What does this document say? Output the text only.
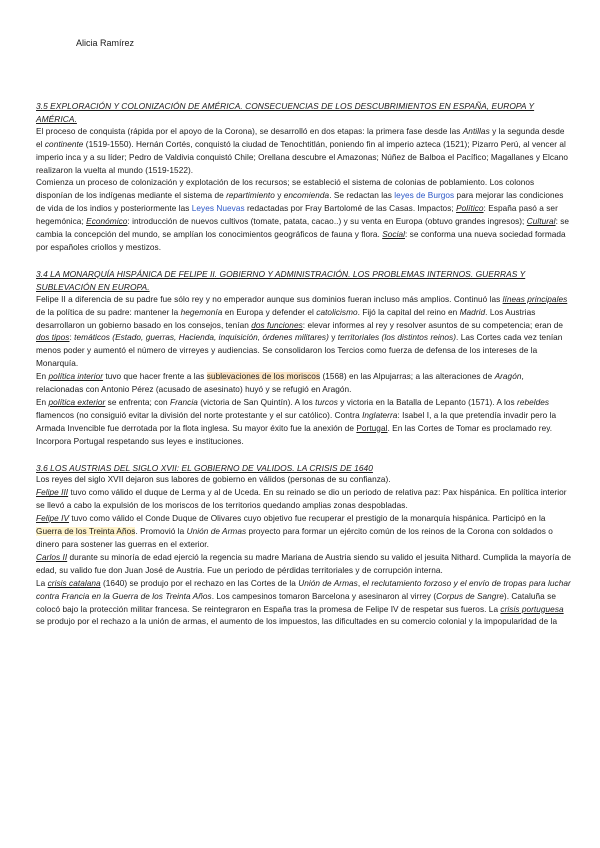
Alicia Ramírez

3.5 EXPLORACIÓN Y COLONIZACIÓN DE AMÉRICA. CONSECUENCIAS DE LOS DESCUBRIMIENTOS EN ESPAÑA, EUROPA Y AMÉRICA.

El proceso de conquista (rápida por el apoyo de la Corona), se desarrolló en dos etapas: la primera fase desde las Antillas y la segunda desde el continente (1519-1550). Hernán Cortés, conquistó la ciudad de Tenochtitlán, poniendo fin al imperio azteca (1521); Pizarro Perú, al vencer al imperio inca y a su líder; Pedro de Valdivia conquistó Chile; Orellana descubre el Amazonas; Núñez de Balboa el Pacífico; Magallanes y Elcano realizaron la vuelta al mundo (1519-1522).

Comienza un proceso de colonización y explotación de los recursos; se estableció el sistema de colonias de poblamiento. Los colonos disponían de los indígenas mediante el sistema de repartimiento y encomienda. Se redactan las leyes de Burgos para mejorar las condiciones de vida de los indios y posteriormente las Leyes Nuevas redactadas por Fray Bartolomé de las Casas. Impactos; Político: España pasó a ser hegemónica; Económico: introducción de nuevos cultivos (tomate, patata, cacao..) y su venta en Europa (obtuvo grandes ingresos); Cultural: se cambia la concepción del mundo, se amplían los conocimientos geográficos de fauna y flora. Social: se conforma una nueva sociedad formada por españoles criollos y mestizos.

3.4 LA MONARQUÍA HISPÁNICA DE FELIPE II. GOBIERNO Y ADMINISTRACIÓN. LOS PROBLEMAS INTERNOS. GUERRAS Y SUBLEVACIÓN EN EUROPA.

Felipe II a diferencia de su padre fue sólo rey y no emperador aunque sus dominios fueran incluso más amplios. Continuó las líneas principales de la política de su padre: mantener la hegemonía en Europa y defender el catolicismo. Fijó la capital del reino en Madrid. Los Austrias desarrollaron un gobierno basado en los consejos, tenían dos funciones: elevar informes al rey y resolver asuntos de su competencia; eran de dos tipos: temáticos (Estado, guerras, Hacienda, inquisición, órdenes militares) y territoriales (los distintos reinos). Las Cortes cada vez tenían menos poder y aumentó el número de virreyes y audiencias. Se consolidaron los Tercios como fuerza de defensa de los intereses de la Monarquía.

En política interior tuvo que hacer frente a las sublevaciones de los moriscos (1568) en las Alpujarras; a las alteraciones de Aragón, relacionadas con Antonio Pérez (acusado de asesinato) huyó y se refugió en Aragón.

En política exterior se enfrenta; con Francia (victoria de San Quintín). A los turcos y victoria en la Batalla de Lepanto (1571). A los rebeldes flamencos (no consiguió evitar la división del norte protestante y el sur católico). Contra Inglaterra: Isabel I, a la que pretendía invadir pero la Armada Invencible fue derrotada por la flota inglesa. Su mayor éxito fue la anexión de Portugal. En las Cortes de Tomar es proclamado rey. Incorpora Portugal respetando sus leyes e instituciones.

3.6 LOS AUSTRIAS DEL SIGLO XVII: EL GOBIERNO DE VALIDOS. LA CRISIS DE 1640

Los reyes del siglo XVII dejaron sus labores de gobierno en válidos (personas de su confianza).

Felipe III tuvo como válido el duque de Lerma y al de Uceda. En su reinado se dio un periodo de relativa paz: Pax hispánica. En política interior se llevó a cabo la expulsión de los moriscos de los territorios quedando amplias zonas despobladas.

Felipe IV tuvo como válido el Conde Duque de Olivares cuyo objetivo fue recuperar el prestigio de la monarquía hispánica. Participó en la Guerra de los Treinta Años. Promovió la Unión de Armas proyecto para formar un ejército común de los reinos de la Corona con soldados o dinero para sostener las guerras en el exterior.

Carlos II durante su minoría de edad ejerció la regencia su madre Mariana de Austria siendo su valido el jesuita Nithard. Cumplida la mayoría de edad, su valido fue don Juan José de Austria. Fue un periodo de pérdidas territoriales y de corrupción interna.

La crisis catalana (1640) se produjo por el rechazo en las Cortes de la Unión de Armas, el reclutamiento forzoso y el envío de tropas para luchar contra Francia en la Guerra de los Treinta Años. Los campesinos tomaron Barcelona y asesinaron al virrey (Corpus de Sangre). Cataluña se colocó bajo la protección militar francesa. Se reintegraron en España tras la promesa de Felipe IV de respetar sus fueros. La crisis portuguesa se produjo por el rechazo a la unión de armas, el aumento de los impuestos, las dificultades en su comercio colonial y la impopularidad de la
